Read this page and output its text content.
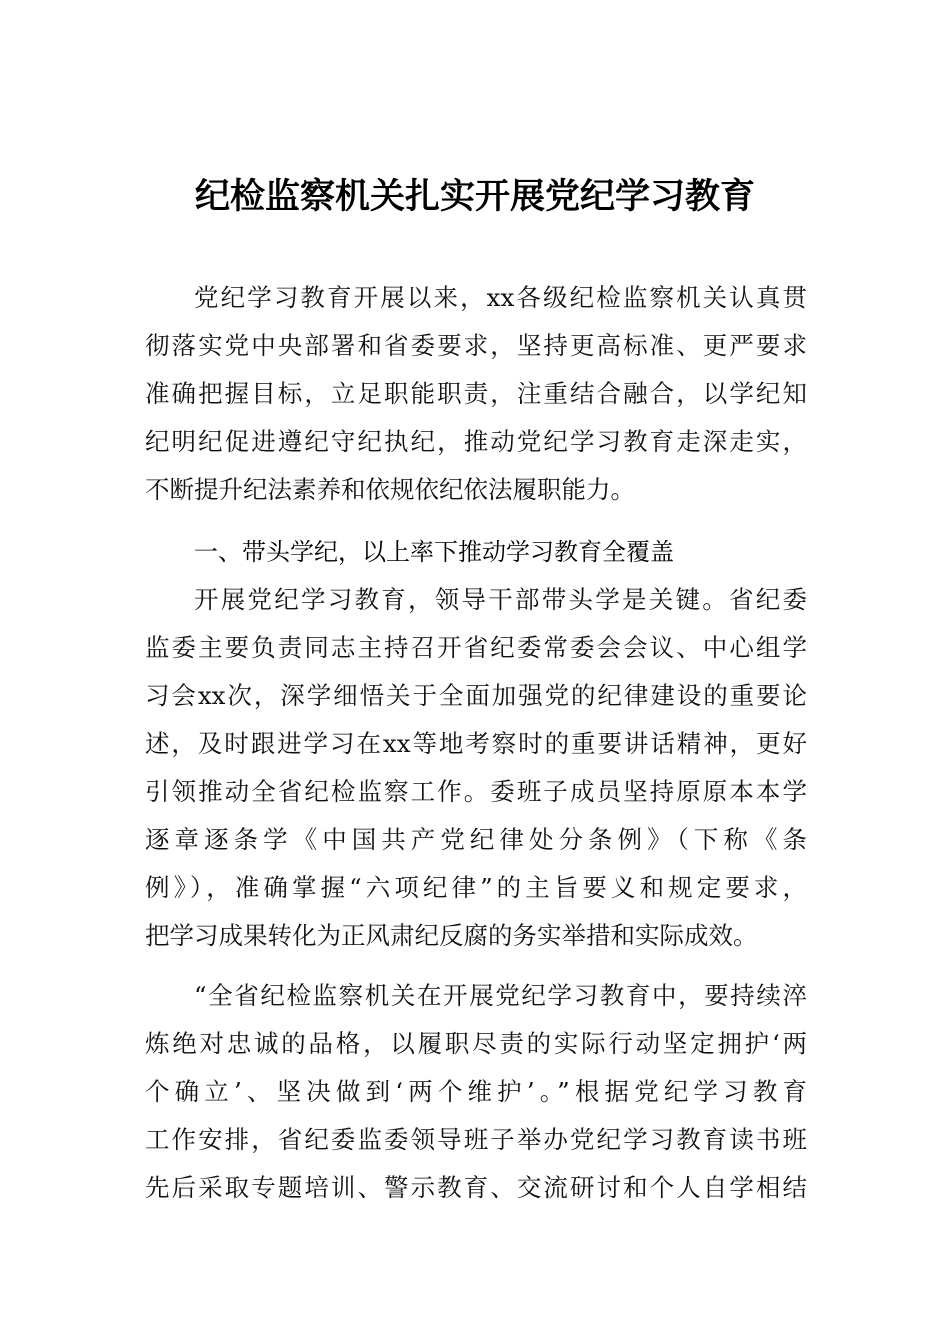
纪检监察机关扎实开展党纪学习教育
党纪学习教育开展以来，xx各级纪检监察机关认真贯
彻落实党中央部署和省委要求，坚持更高标准、更严要求
准确把握目标，立足职能职责，注重结合融合，以学纪知
纪明纪促进遵纪守纪执纪，推动党纪学习教育走深走实，
不断提升纪法素养和依规依纪依法履职能力。
一、带头学纪，以上率下推动学习教育全覆盖
开展党纪学习教育，领导干部带头学是关键。省纪委
监委主要负责同志主持召开省纪委常委会会议、中心组学
习会xx次，深学细悟关于全面加强党的纪律建设的重要论
述，及时跟进学习在xx等地考察时的重要讲话精神，更好
引领推动全省纪检监察工作。委班子成员坚持原原本本学
逐章逐条学《中国共产党纪律处分条例》（下称《条
例》），准确掌握“六项纪律”的主旨要义和规定要求，
把学习成果转化为正风肃纪反腐的务实举措和实际成效。
“全省纪检监察机关在开展党纪学习教育中，要持续淬
炼绝对忠诚的品格，以履职尽责的实际行动坚定拥护‘两
个确立’、坚决做到‘两个维护’。”根据党纪学习教育
工作安排，省纪委监委领导班子举办党纪学习教育读书班
先后采取专题培训、警示教育、交流研讨和个人自学相结
